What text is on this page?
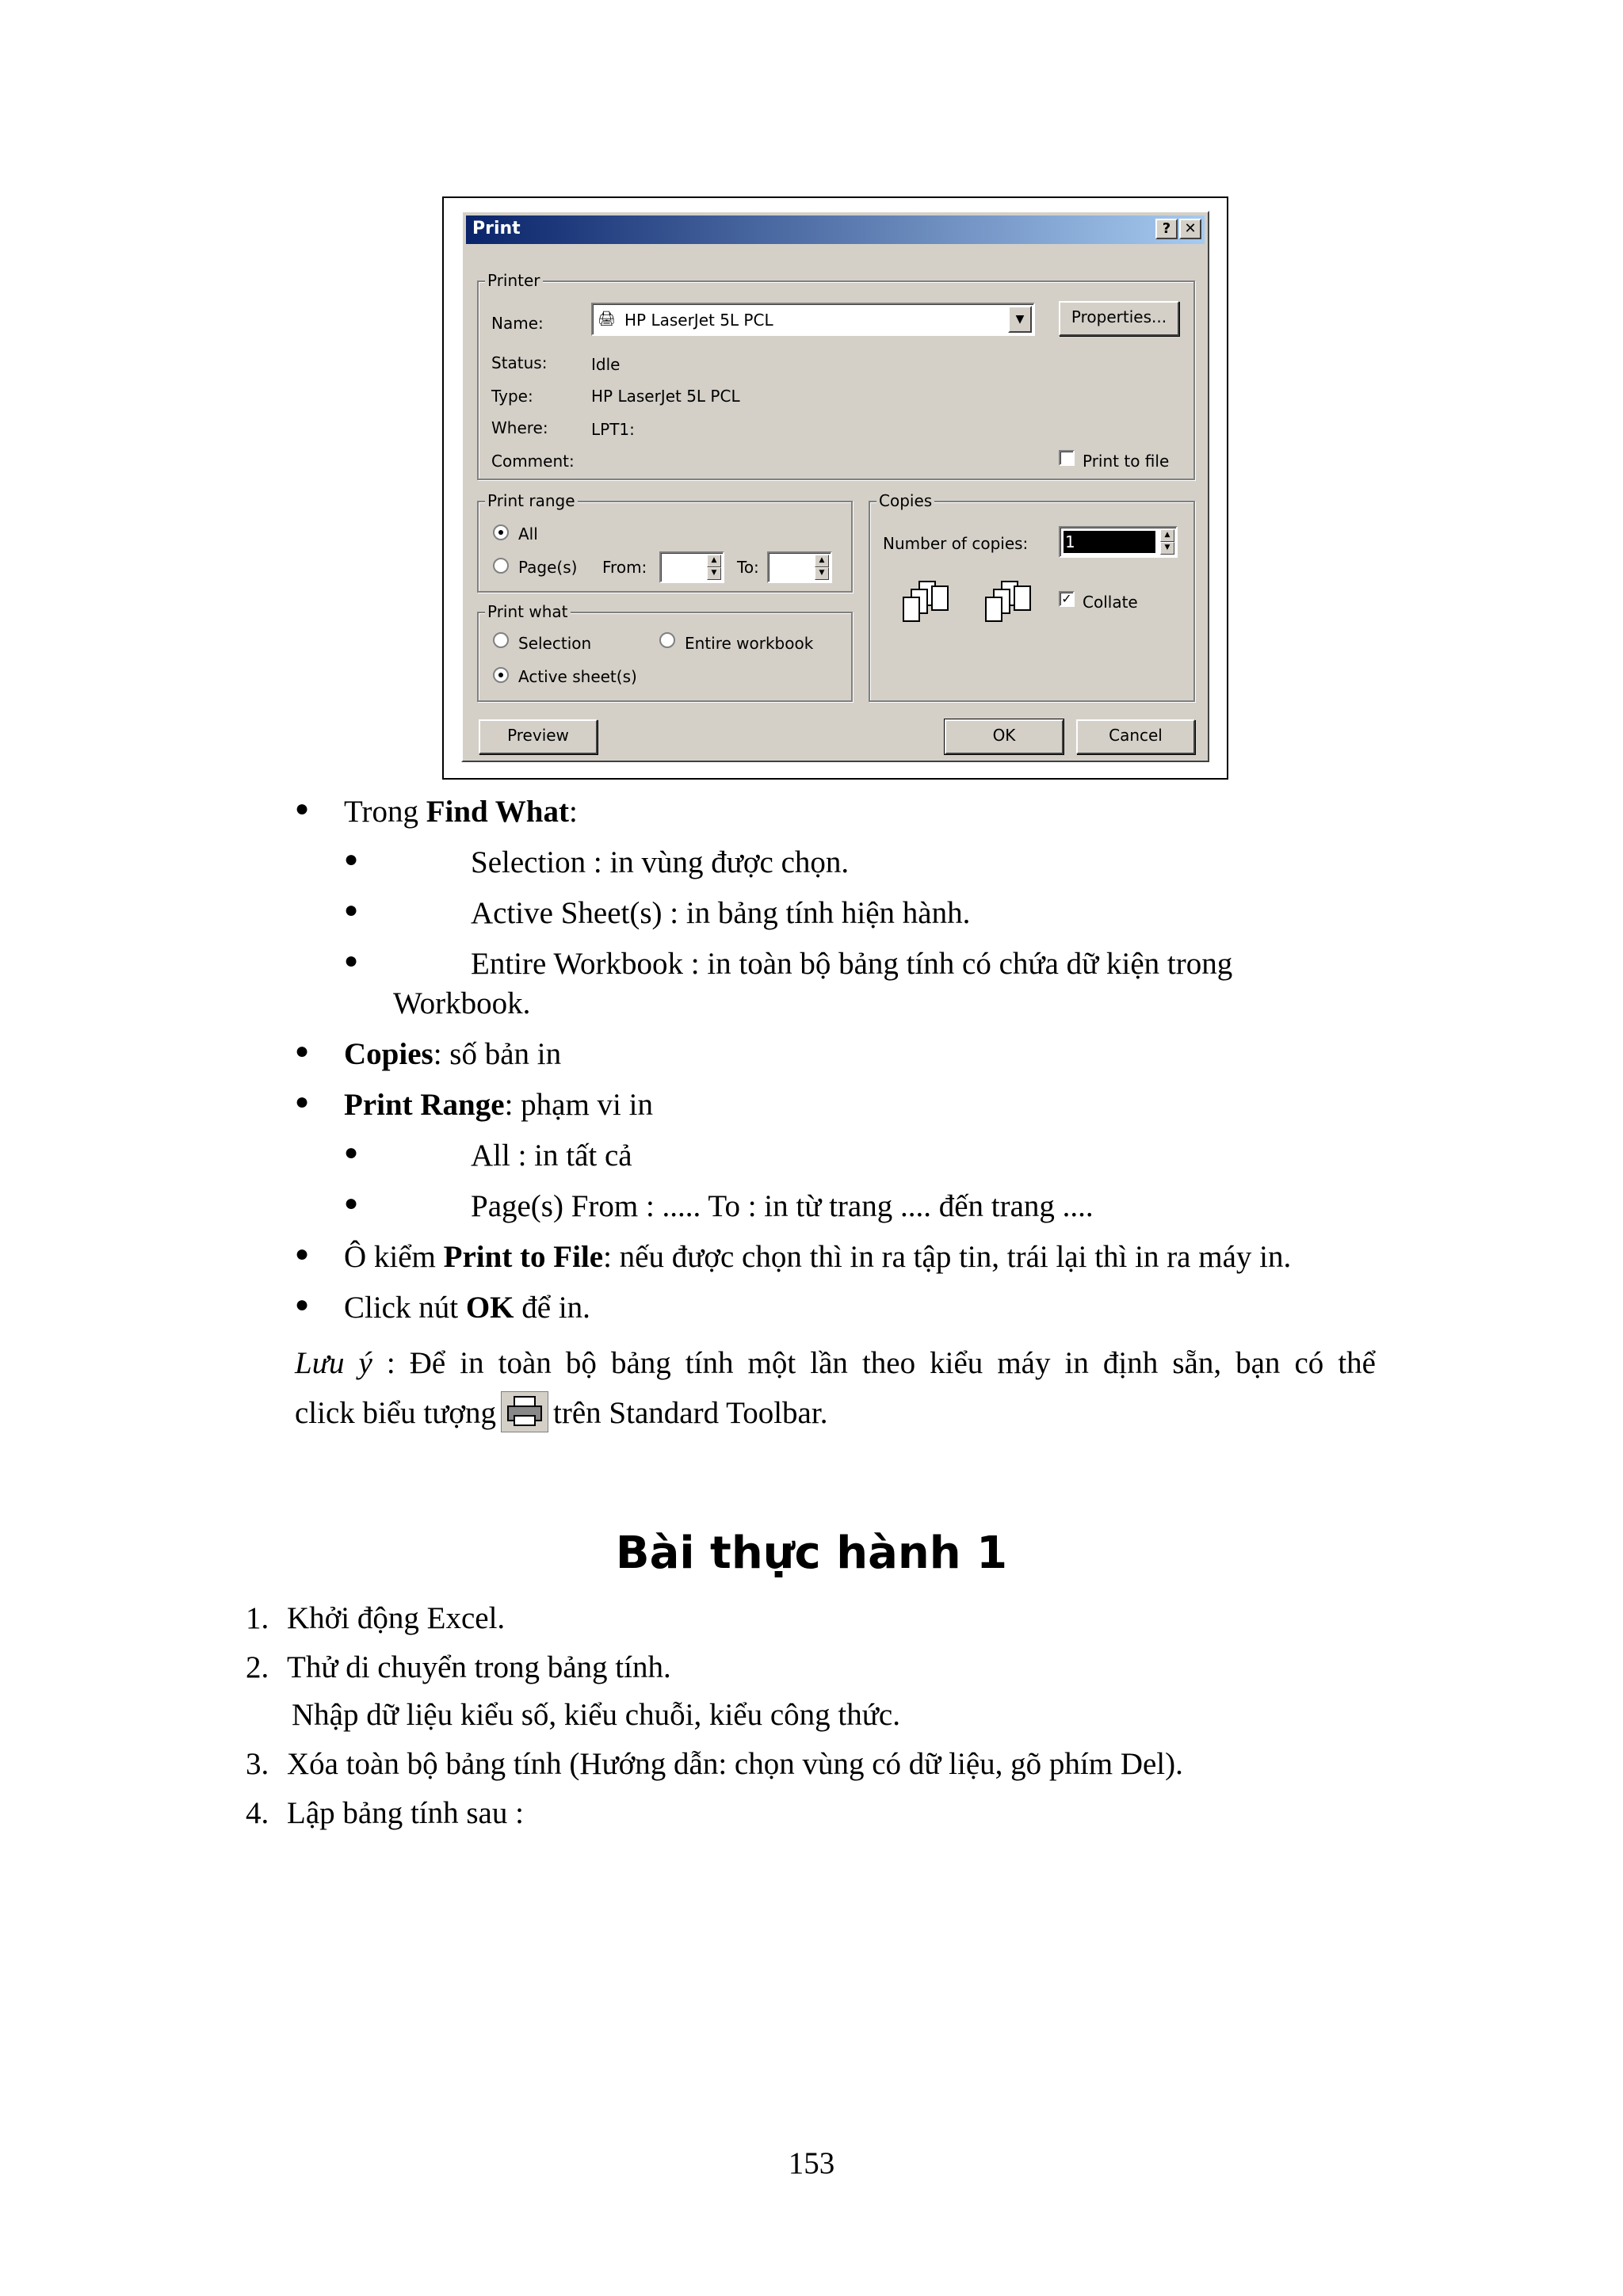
Print	? ✕
Printer
Name:	🖨 HP LaserJet 5L PCL	▼	Properties...
Status:	Idle
Type:	HP LaserJet 5L PCL
Where:	LPT1:
Comment:	Print to file
Print range
All
Page(s) From:	▲
▼ To:	▲
▼
Copies
Number of copies: 1	▲
▼
✓ Collate
Print what
Selection	Entire workbook
Active sheet(s)
Preview	OK	Cancel
● Trong Find What:
●	Selection : in vùng được chọn.
●	Active Sheet(s) : in bảng tính hiện hành.
●	Entire Workbook : in toàn bộ bảng tính có chứa dữ kiện trong
Workbook.
● Copies: số bản in
● Print Range: phạm vi in
●	All : in tất cả
●	Page(s) From : ..... To : in từ trang .... đến trang ....
● Ô kiểm Print to File: nếu được chọn thì in ra tập tin, trái lại thì in ra máy in.
● Click nút OK để in.
Lưu ý : Để in toàn bộ bảng tính một lần theo kiểu máy in định sẵn, bạn có thể
click biểu tượng trên Standard Toolbar.
Bài thực hành 1
1. Khởi động Excel.
2. Thử di chuyển trong bảng tính.
Nhập dữ liệu kiểu số, kiểu chuỗi, kiểu công thức.
3. Xóa toàn bộ bảng tính (Hướng dẫn: chọn vùng có dữ liệu, gõ phím Del).
4. Lập bảng tính sau :
153
